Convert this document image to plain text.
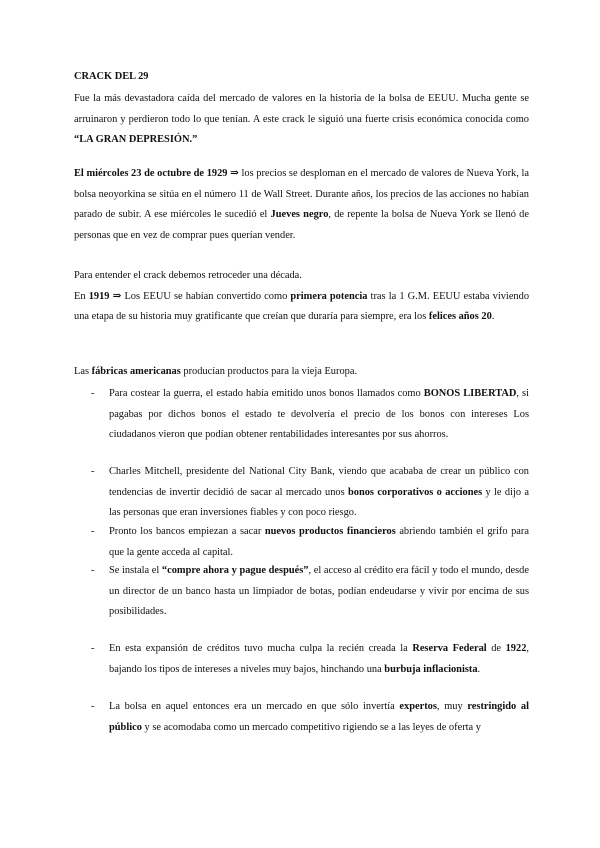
CRACK DEL 29
Fue la más devastadora caída del mercado de valores en la historia de la bolsa de EEUU. Mucha gente se arruinaron y perdieron todo lo que tenían. A este crack le siguió una fuerte crisis económica conocida como “LA GRAN DEPRESIÓN.”
El miércoles 23 de octubre de 1929 ⇒ los precios se desploman en el mercado de valores de Nueva York, la bolsa neoyorkina se sitúa en el número 11 de Wall Street. Durante años, los precios de las acciones no habían parado de subir. A ese miércoles le sucedió el Jueves negro, de repente la bolsa de Nueva York se llenó de personas que en vez de comprar pues querían vender.
Para entender el crack debemos retroceder una década.
En 1919 ⇒ Los EEUU se habían convertido como primera potencia tras la 1 G.M. EEUU estaba viviendo una etapa de su historia muy gratificante que creían que duraría para siempre, era los felices años 20.
Las fábricas americanas producían productos para la vieja Europa.
- Para costear la guerra, el estado había emitido unos bonos llamados como BONOS LIBERTAD, si pagabas por dichos bonos el estado te devolvería el precio de los bonos con intereses Los ciudadanos vieron que podían obtener rentabilidades interesantes por sus ahorros.
- Charles Mitchell, presidente del National City Bank, viendo que acababa de crear un público con tendencias de invertir decidió de sacar al mercado unos bonos corporativos o acciones y le dijo a las personas que eran inversiones fiables y con poco riesgo.
- Pronto los bancos empiezan a sacar nuevos productos financieros abriendo también el grifo para que la gente acceda al capital.
- Se instala el “compre ahora y pague después”, el acceso al crédito era fácil y todo el mundo, desde un director de un banco hasta un limpiador de botas, podían endeudarse y vivir por encima de sus posibilidades.
- En esta expansión de créditos tuvo mucha culpa la recién creada la Reserva Federal de 1922, bajando los tipos de intereses a niveles muy bajos, hinchando una burbuja inflacionista.
- La bolsa en aquel entonces era un mercado en que sólo invertía expertos, muy restringido al público y se acomodaba como un mercado competitivo rigiendo se a las leyes de oferta y
